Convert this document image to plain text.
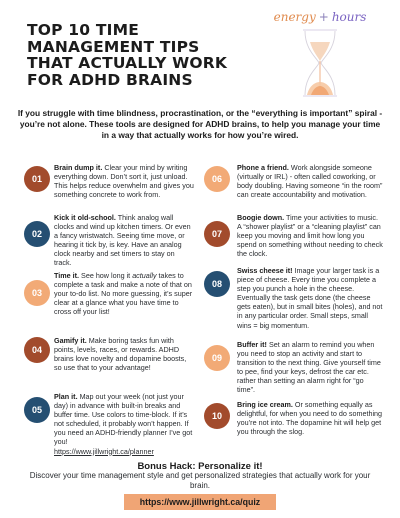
TOP 10 TIME
MANAGEMENT TIPS
THAT ACTUALLY WORK
FOR ADHD BRAINS
energy + hours
If you struggle with time blindness, procrastination, or the “everything is important” spiral - you’re not alone. These tools are designed for ADHD brains, to help you manage your time in a way that actually works for how you’re wired.
01
Brain dump it. Clear your mind by writing everything down. Don’t sort it, just unload. This helps reduce overwhelm and gives you something concrete to work from.
02
Kick it old-school. Think analog wall clocks and wind up kitchen timers. Or even a fancy wristwatch. Seeing time move, or hearing it tick by, is key. Have an analog clock nearby and set timers to stay on track.
03
Time it. See how long it actually takes to complete a task and make a note of that on your to-do list. No more guessing, it’s super clear at a glance what you have time to cross off your list!
04
Gamify it. Make boring tasks fun with points, levels, races, or rewards. ADHD brains love novelty and dopamine boosts, so use that to your advantage!
05
Plan it. Map out your week (not just your day) in advance with built-in breaks and buffer time. Use colors to time-block. If it’s not scheduled, it probably won’t happen. If you need an ADHD-friendly planner I’ve got you!
https://www.jillwright.ca/planner
06
Phone a friend. Work alongside someone (virtually or IRL) - often called coworking, or body doubling. Having someone “in the room” can create accountability and motivation.
07
Boogie down. Time your activities to music. A “shower playlist” or a “cleaning playlist” can keep you moving and limit how long you spend on something without needing to check the clock.
08
Swiss cheese it! Image your larger task is a piece of cheese. Every time you complete a step you punch a hole in the cheese. Eventually the task gets done (the cheese gets eaten), but in small bites (holes), and not in any particular order. Small steps, small wins = big momentum.
09
Buffer it! Set an alarm to remind you when you need to stop an activity and start to transition to the next thing. Give yourself time to pee, find your keys, defrost the car etc. rather than setting an alarm right for “go time”.
10
Bring ice cream. Or something equally as delightful, for when you need to do something you’re not into. The dopamine hit will help get you through the slog.
Bonus Hack: Personalize it!
Discover your time management style and get personalized strategies that actually work for your brain.
https://www.jillwright.ca/quiz
